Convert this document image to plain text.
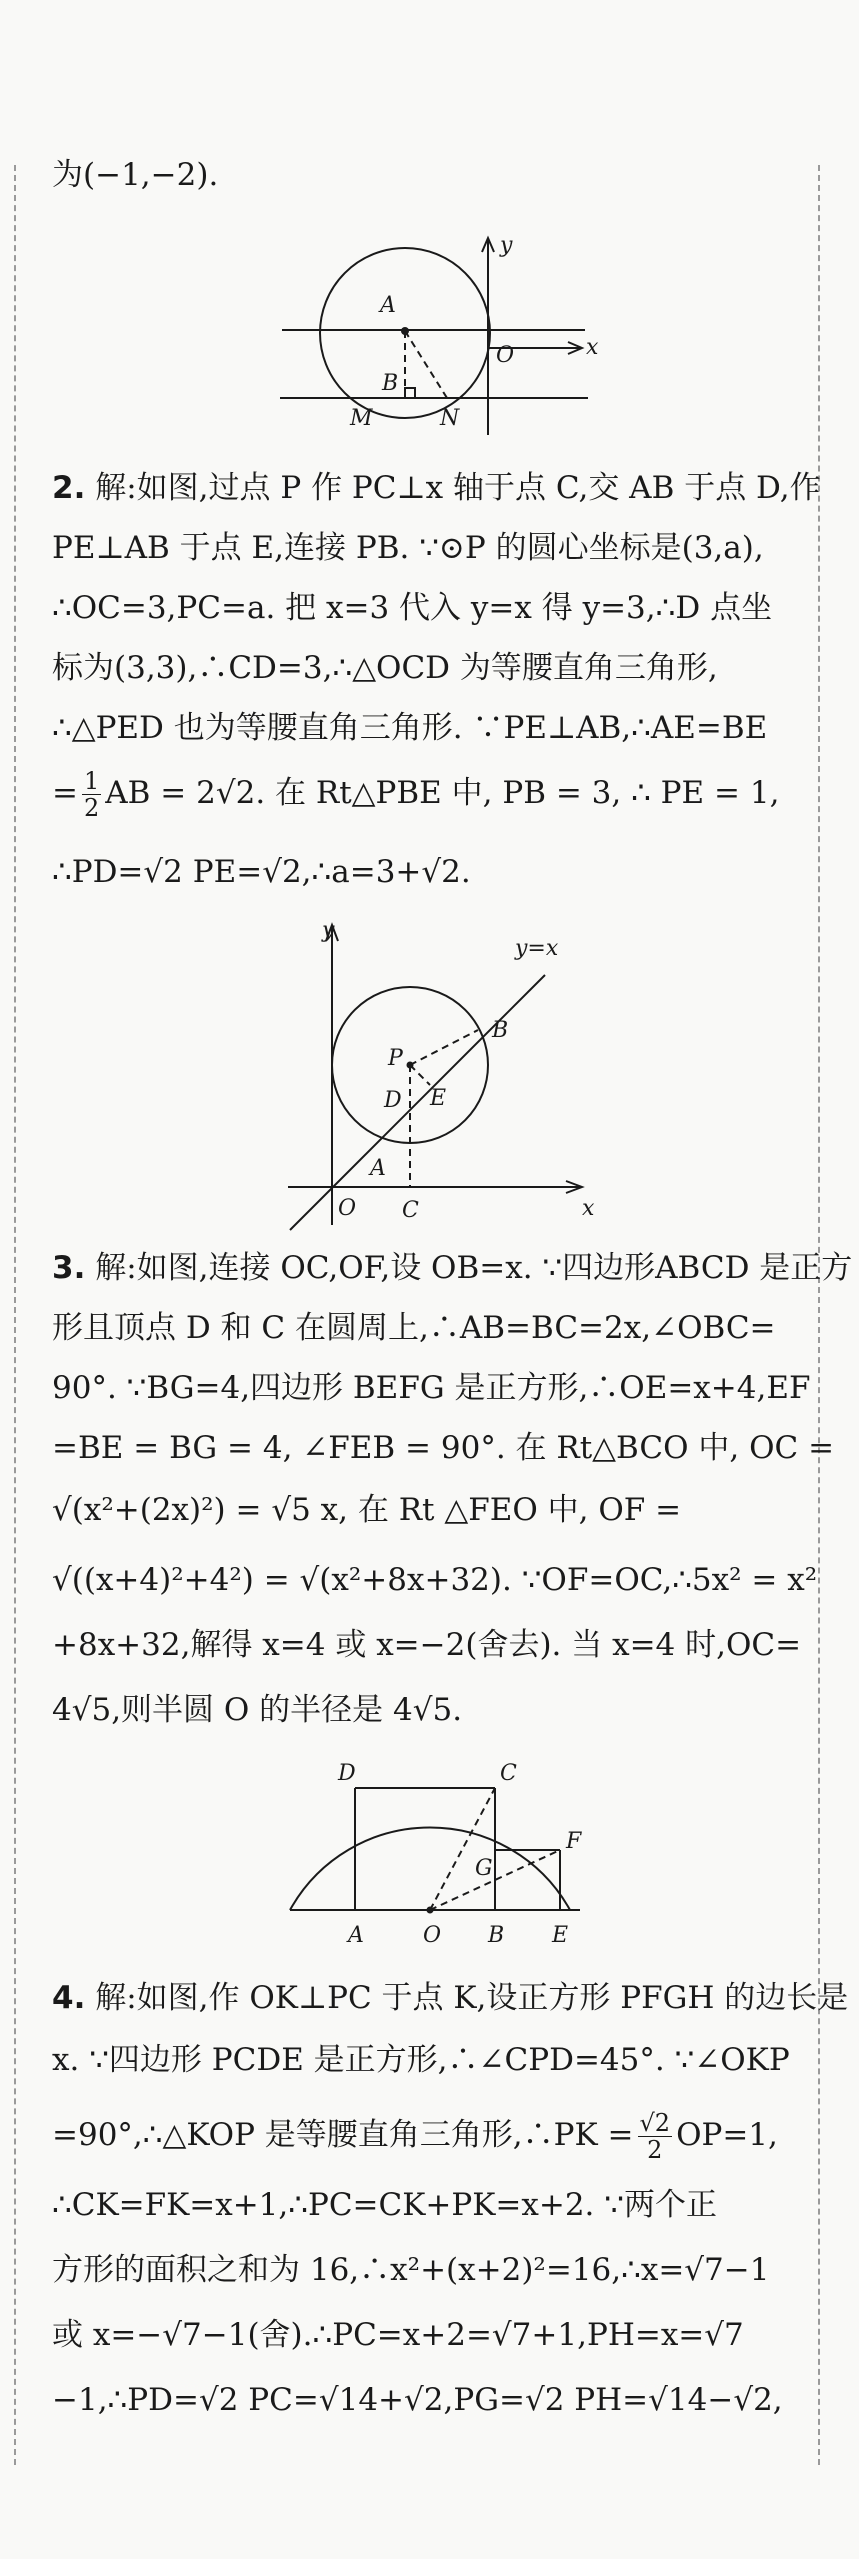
为(−1,−2).
A
B
O
M	N
x
y
2. 解:如图,过点 P 作 PC⊥x 轴于点 C,交 AB 于点 D,作
PE⊥AB 于点 E,连接 PB. ∵⊙P 的圆心坐标是(3,a),
∴OC=3,PC=a. 把 x=3 代入 y=x 得 y=3,∴D 点坐
标为(3,3),∴CD=3,∴△OCD 为等腰直角三角形,
∴△PED 也为等腰直角三角形. ∵PE⊥AB,∴AE=BE
= $\frac{1}{2}$ AB = 2√2. 在 Rt△PBE 中, PB = 3, ∴ PE = 1,
∴PD=√2 PE=√2,∴a=3+√2.
y
y=x
B
P
D E
A
O C	x
3. 解:如图,连接 OC,OF,设 OB=x. ∵四边形ABCD 是正方
形且顶点 D 和 C 在圆周上,∴AB=BC=2x,∠OBC=
90°. ∵BG=4,四边形 BEFG 是正方形,∴OE=x+4,EF
=BE = BG = 4, ∠FEB = 90°. 在 Rt△BCO 中, OC =
√(x²+(2x)²) = √5 x, 在 Rt △FEO 中, OF =
√((x+4)²+4²) = √(x²+8x+32). ∵OF=OC,∴5x² = x²
+8x+32,解得 x=4 或 x=−2(舍去). 当 x=4 时,OC=
4√5,则半圆 O 的半径是 4√5.
D	C
G
F
A	O B E
4. 解:如图,作 OK⊥PC 于点 K,设正方形 PFGH 的边长是
x. ∵四边形 PCDE 是正方形,∴∠CPD=45°. ∵∠OKP
=90°,∴△KOP 是等腰直角三角形,∴PK = $\frac{√2}{2} OP=1$,
∴CK=FK=x+1,∴PC=CK+PK=x+2. ∵两个正
方形的面积之和为 16,∴x²+(x+2)²=16,∴x=√7−1
或 x=−√7−1(舍).∴PC=x+2=√7+1,PH=x=√7
−1,∴PD=√2 PC=√14+√2,PG=√2 PH=√14−√2,
